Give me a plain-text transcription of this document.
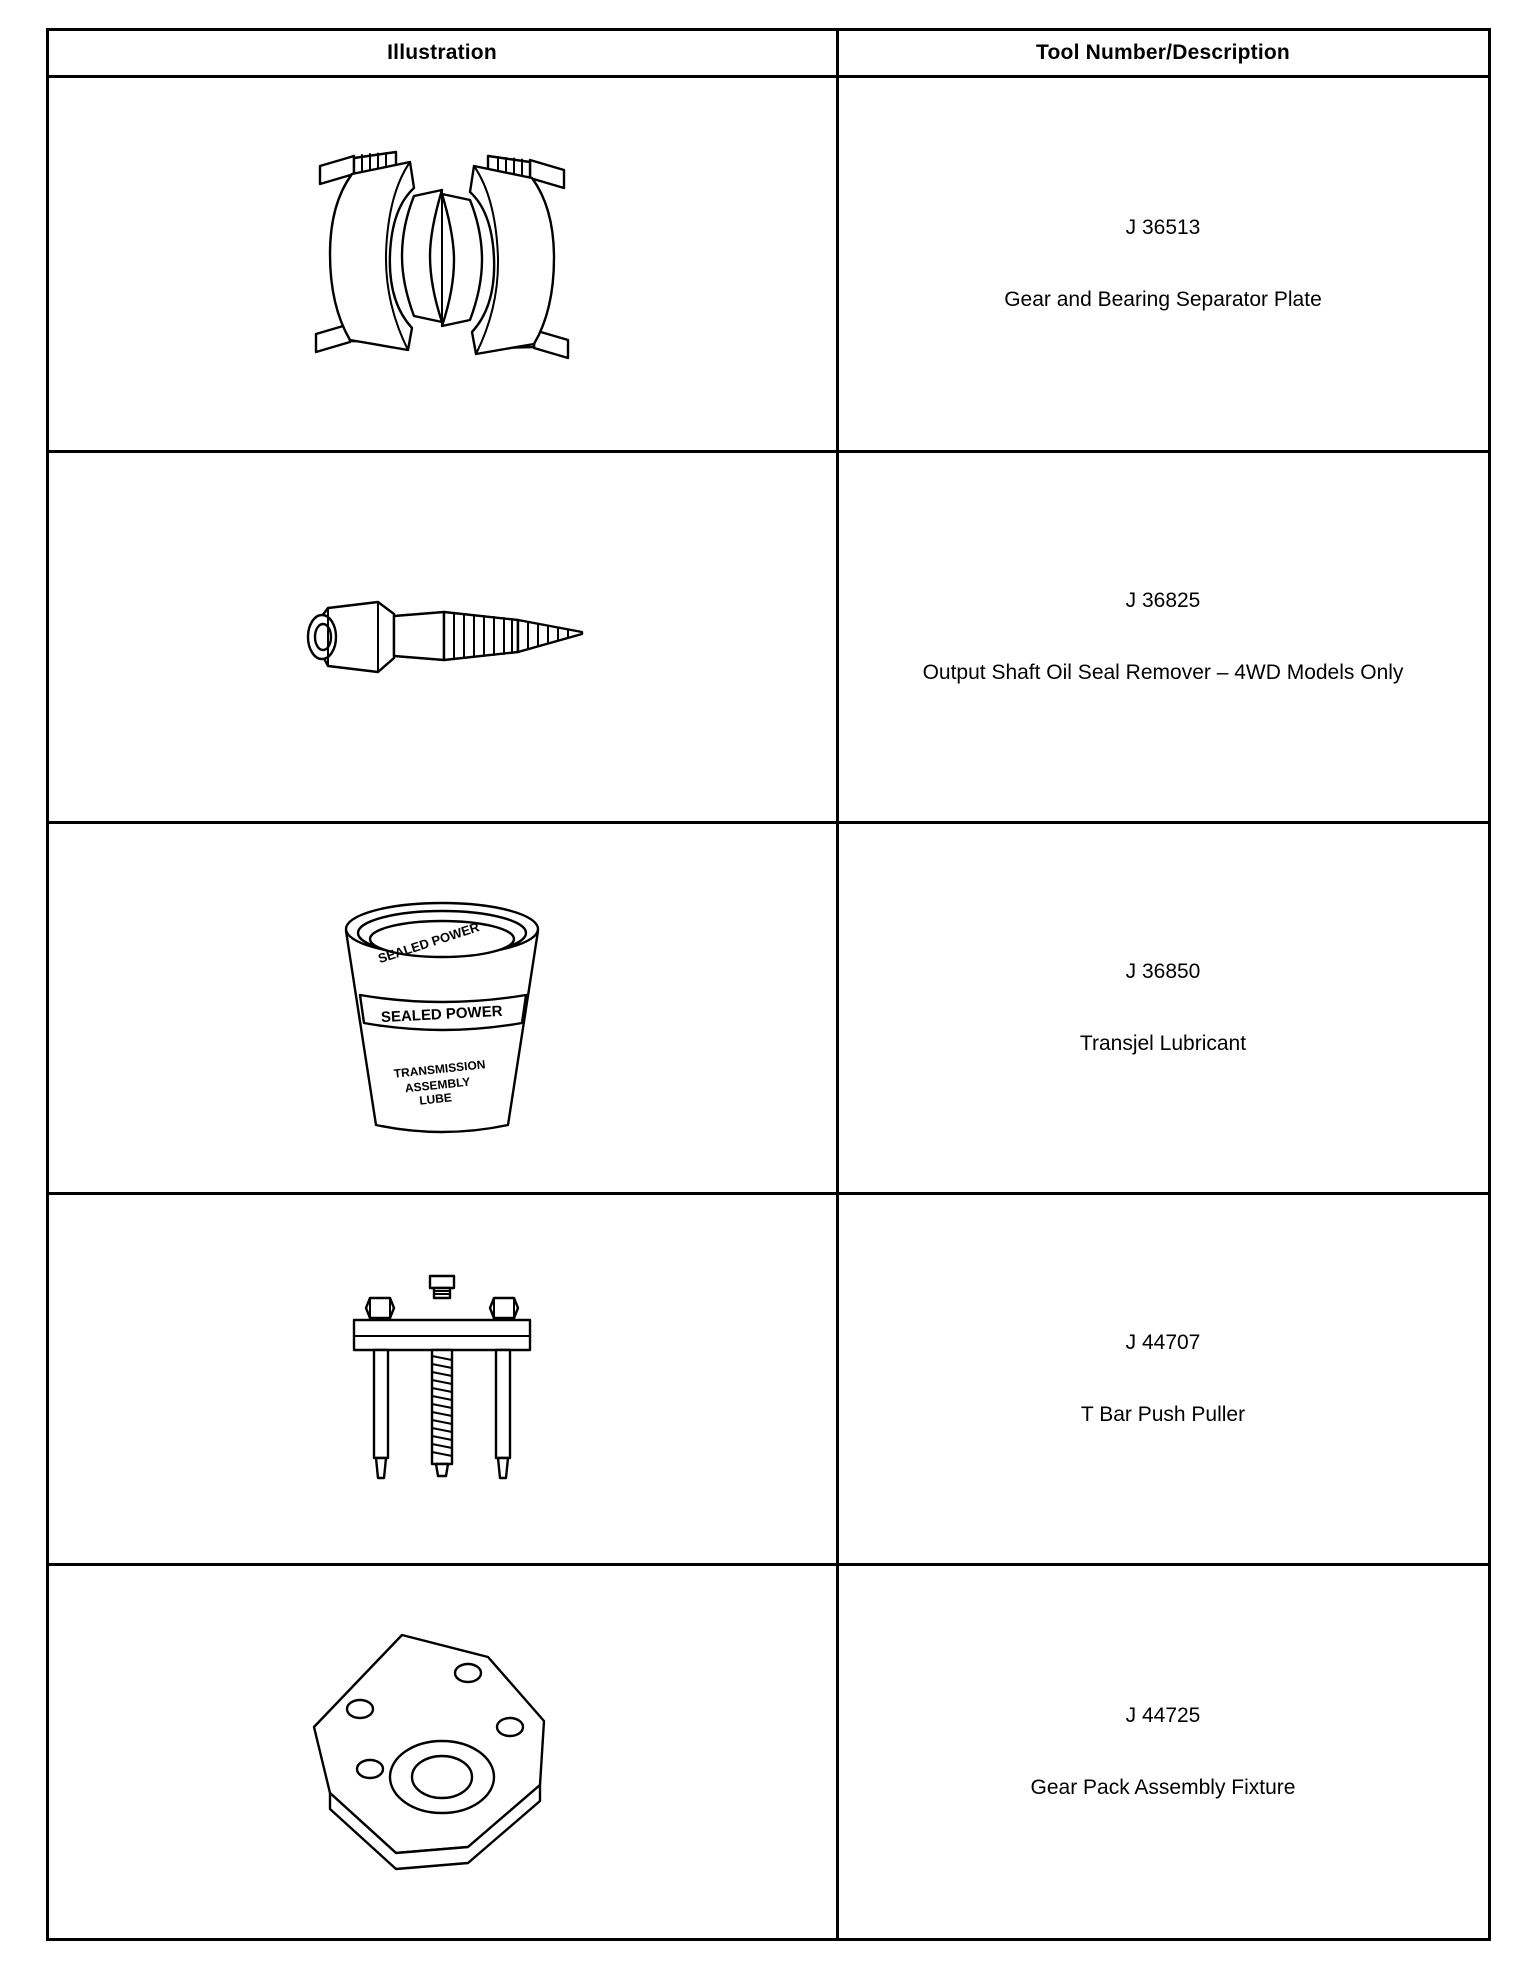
Illustration	Tool Number/Description

J 36513
Gear and Bearing Separator Plate

J 36825
Output Shaft Oil Seal Remover – 4WD Models Only

SEALED POWER
SEALED POWER
TRANSMISSION
ASSEMBLY
LUBE	J 36850
Transjel Lubricant

J 44707
T Bar Push Puller

J 44725
Gear Pack Assembly Fixture
